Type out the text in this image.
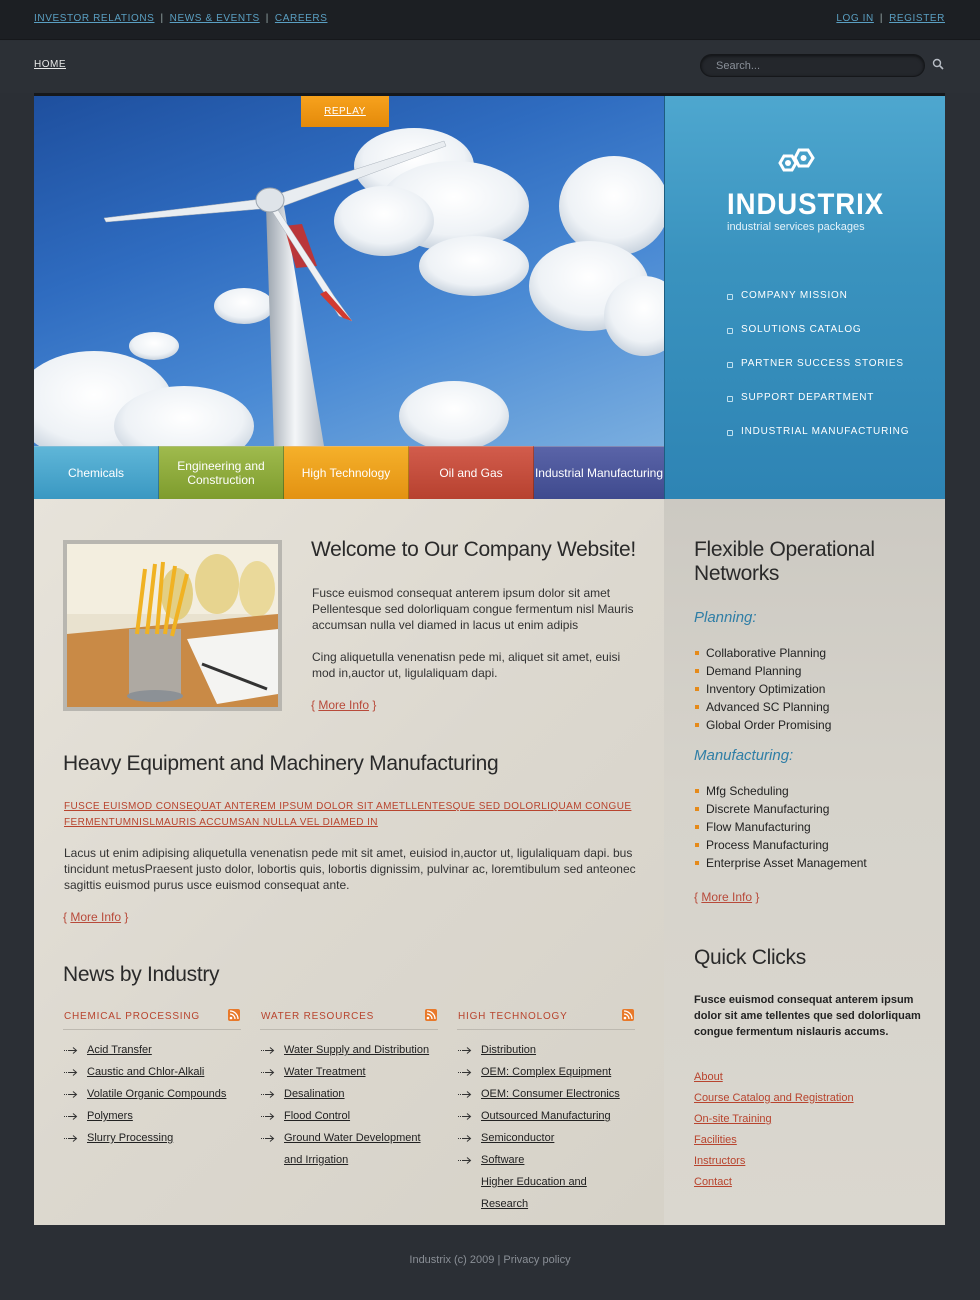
INVESTOR RELATIONS | NEWS & EVENTS | CAREERS	LOG IN | REGISTER
HOME
Search...
REPLAY
INDUSTRIX
industrial services packages
COMPANY MISSION
SOLUTIONS CATALOG
PARTNER SUCCESS STORIES
SUPPORT DEPARTMENT
INDUSTRIAL MANUFACTURING
Chemicals	Engineering and Construction	High Technology	Oil and Gas	Industrial Manufacturing
Welcome to Our Company Website!

Fusce euismod consequat anterem ipsum dolor sit amet Pellentesque sed dolorliquam congue fermentum nisl Mauris accumsan nulla vel diamed in lacus ut enim adipis

Cing aliquetulla venenatisn pede mi, aliquet sit amet, euisi mod in,auctor ut, ligulaliquam dapi.

{ More Info }
Heavy Equipment and Machinery Manufacturing
FUSCE EUISMOD CONSEQUAT ANTEREM IPSUM DOLOR SIT AMETLLENTESQUE SED DOLORLIQUAM CONGUE FERMENTUMNISLMAURIS ACCUMSAN NULLA VEL DIAMED IN

Lacus ut enim adipising aliquetulla venenatisn pede mit sit amet, euisiod in,auctor ut, ligulaliquam dapi. bus tincidunt metusPraesent justo dolor, lobortis quis, lobortis dignissim, pulvinar ac, loremtibulum sed anteonec sagittis euismod purus usce euismod consequat ante.

{ More Info }
News by Industry
CHEMICAL PROCESSING
Acid Transfer
Caustic and Chlor-Alkali
Volatile Organic Compounds
Polymers
Slurry Processing
WATER RESOURCES
Water Supply and Distribution
Water Treatment
Desalination
Flood Control
Ground Water Development
and Irrigation
HIGH TECHNOLOGY
Distribution
OEM: Complex Equipment
OEM: Consumer Electronics
Outsourced Manufacturing
Semiconductor
Software
Higher Education and Research
Flexible Operational Networks
Planning:
Collaborative Planning
Demand Planning
Inventory Optimization
Advanced SC Planning
Global Order Promising
Manufacturing:
Mfg Scheduling
Discrete Manufacturing
Flow Manufacturing
Process Manufacturing
Enterprise Asset Management
{ More Info }
Quick Clicks
Fusce euismod consequat anterem ipsum dolor sit ame tellentes que sed dolorliquam congue fermentum nislauris accums.
About
Course Catalog and Registration
On-site Training
Facilities
Instructors
Contact
Industrix (c) 2009 | Privacy policy
